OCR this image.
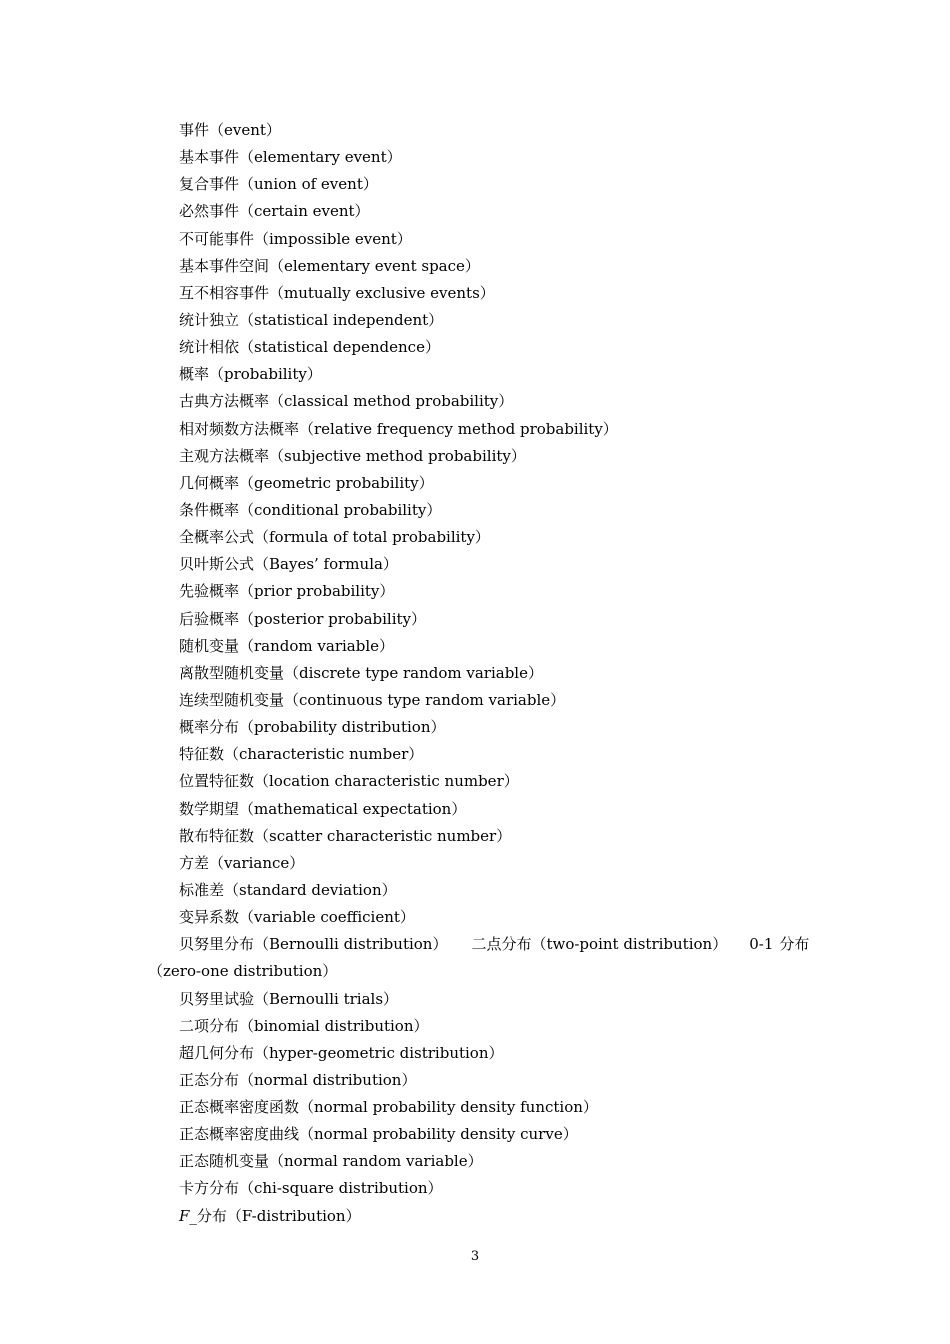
事件（event）
基本事件（elementary event）
复合事件（union of event）
必然事件（certain event）
不可能事件（impossible event）
基本事件空间（elementary event space）
互不相容事件（mutually exclusive events）
统计独立（statistical independent）
统计相依（statistical dependence）
概率（probability）
古典方法概率（classical method probability）
相对频数方法概率（relative frequency method probability）
主观方法概率（subjective method probability）
几何概率（geometric probability）
条件概率（conditional probability）
全概率公式（formula of total probability）
贝叶斯公式（Bayes’ formula）
先验概率（prior probability）
后验概率（posterior probability）
随机变量（random variable）
离散型随机变量（discrete type random variable）
连续型随机变量（continuous type random variable）
概率分布（probability distribution）
特征数（characteristic number）
位置特征数（location characteristic number）
数学期望（mathematical expectation）
散布特征数（scatter characteristic number）
方差（variance）
标准差（standard deviation）
变异系数（variable coefficient）
贝努里分布（Bernoulli distribution） 二点分布（two-point distribution） 0-1 分布
（zero-one distribution）
贝努里试验（Bernoulli trials）
二项分布（binomial distribution）
超几何分布（hyper-geometric distribution）
正态分布（normal distribution）
正态概率密度函数（normal probability density function）
正态概率密度曲线（normal probability density curve）
正态随机变量（normal random variable）
卡方分布（chi-square distribution）
F_分布（F-distribution）
3
